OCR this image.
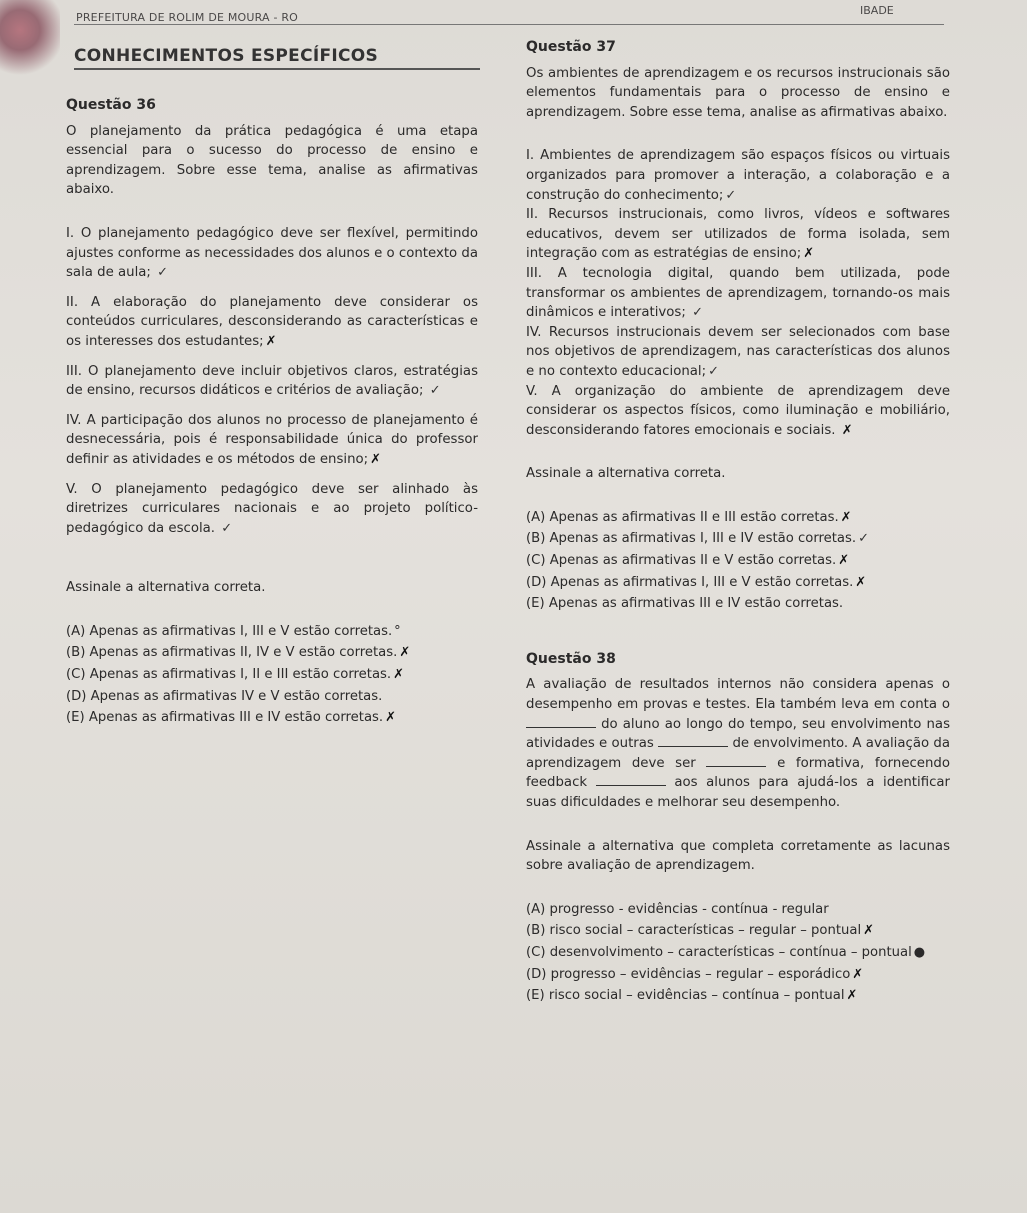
PREFEITURA DE ROLIM DE MOURA - RO
IBADE
CONHECIMENTOS ESPECÍFICOS
Questão 36

O planejamento da prática pedagógica é uma etapa essencial para o sucesso do processo de ensino e aprendizagem. Sobre esse tema, analise as afirmativas abaixo.

I. O planejamento pedagógico deve ser flexível, permitindo ajustes conforme as necessidades dos alunos e o contexto da sala de aula; ✓

II. A elaboração do planejamento deve considerar os conteúdos curriculares, desconsiderando as características e os interesses dos estudantes; ✗

III. O planejamento deve incluir objetivos claros, estratégias de ensino, recursos didáticos e critérios de avaliação; ✓

IV. A participação dos alunos no processo de planejamento é desnecessária, pois é responsabilidade única do professor definir as atividades e os métodos de ensino; ✗

V. O planejamento pedagógico deve ser alinhado às diretrizes curriculares nacionais e ao projeto político-pedagógico da escola. ✓

Assinale a alternativa correta.

(A) Apenas as afirmativas I, III e V estão corretas. °
(B) Apenas as afirmativas II, IV e V estão corretas. ✗
(C) Apenas as afirmativas I, II e III estão corretas. ✗
(D) Apenas as afirmativas IV e V estão corretas.
(E) Apenas as afirmativas III e IV estão corretas. ✗
Questão 37

Os ambientes de aprendizagem e os recursos instrucionais são elementos fundamentais para o processo de ensino e aprendizagem. Sobre esse tema, analise as afirmativas abaixo.

I. Ambientes de aprendizagem são espaços físicos ou virtuais organizados para promover a interação, a colaboração e a construção do conhecimento; ✓

II. Recursos instrucionais, como livros, vídeos e softwares educativos, devem ser utilizados de forma isolada, sem integração com as estratégias de ensino; ✗

III. A tecnologia digital, quando bem utilizada, pode transformar os ambientes de aprendizagem, tornando-os mais dinâmicos e interativos; ✓

IV. Recursos instrucionais devem ser selecionados com base nos objetivos de aprendizagem, nas características dos alunos e no contexto educacional; ✓

V. A organização do ambiente de aprendizagem deve considerar os aspectos físicos, como iluminação e mobiliário, desconsiderando fatores emocionais e sociais. ✗

Assinale a alternativa correta.

(A) Apenas as afirmativas II e III estão corretas. ✗
(B) Apenas as afirmativas I, III e IV estão corretas. ✓
(C) Apenas as afirmativas II e V estão corretas. ✗
(D) Apenas as afirmativas I, III e V estão corretas. ✗
(E) Apenas as afirmativas III e IV estão corretas.
Questão 38

A avaliação de resultados internos não considera apenas o desempenho em provas e testes. Ela também leva em conta o  do aluno ao longo do tempo, seu envolvimento nas atividades e outras	de envolvimento. A avaliação da aprendizagem deve ser	e formativa, fornecendo feedback	aos alunos para ajudá-los a identificar suas dificuldades e melhorar seu desempenho.

Assinale a alternativa que completa corretamente as lacunas sobre avaliação de aprendizagem.

(A) progresso - evidências - contínua - regular
(B) risco social – características – regular – pontual ✗
(C) desenvolvimento – características – contínua – pontual ●
(D) progresso – evidências – regular – esporádico ✗
(E) risco social – evidências – contínua – pontual ✗
